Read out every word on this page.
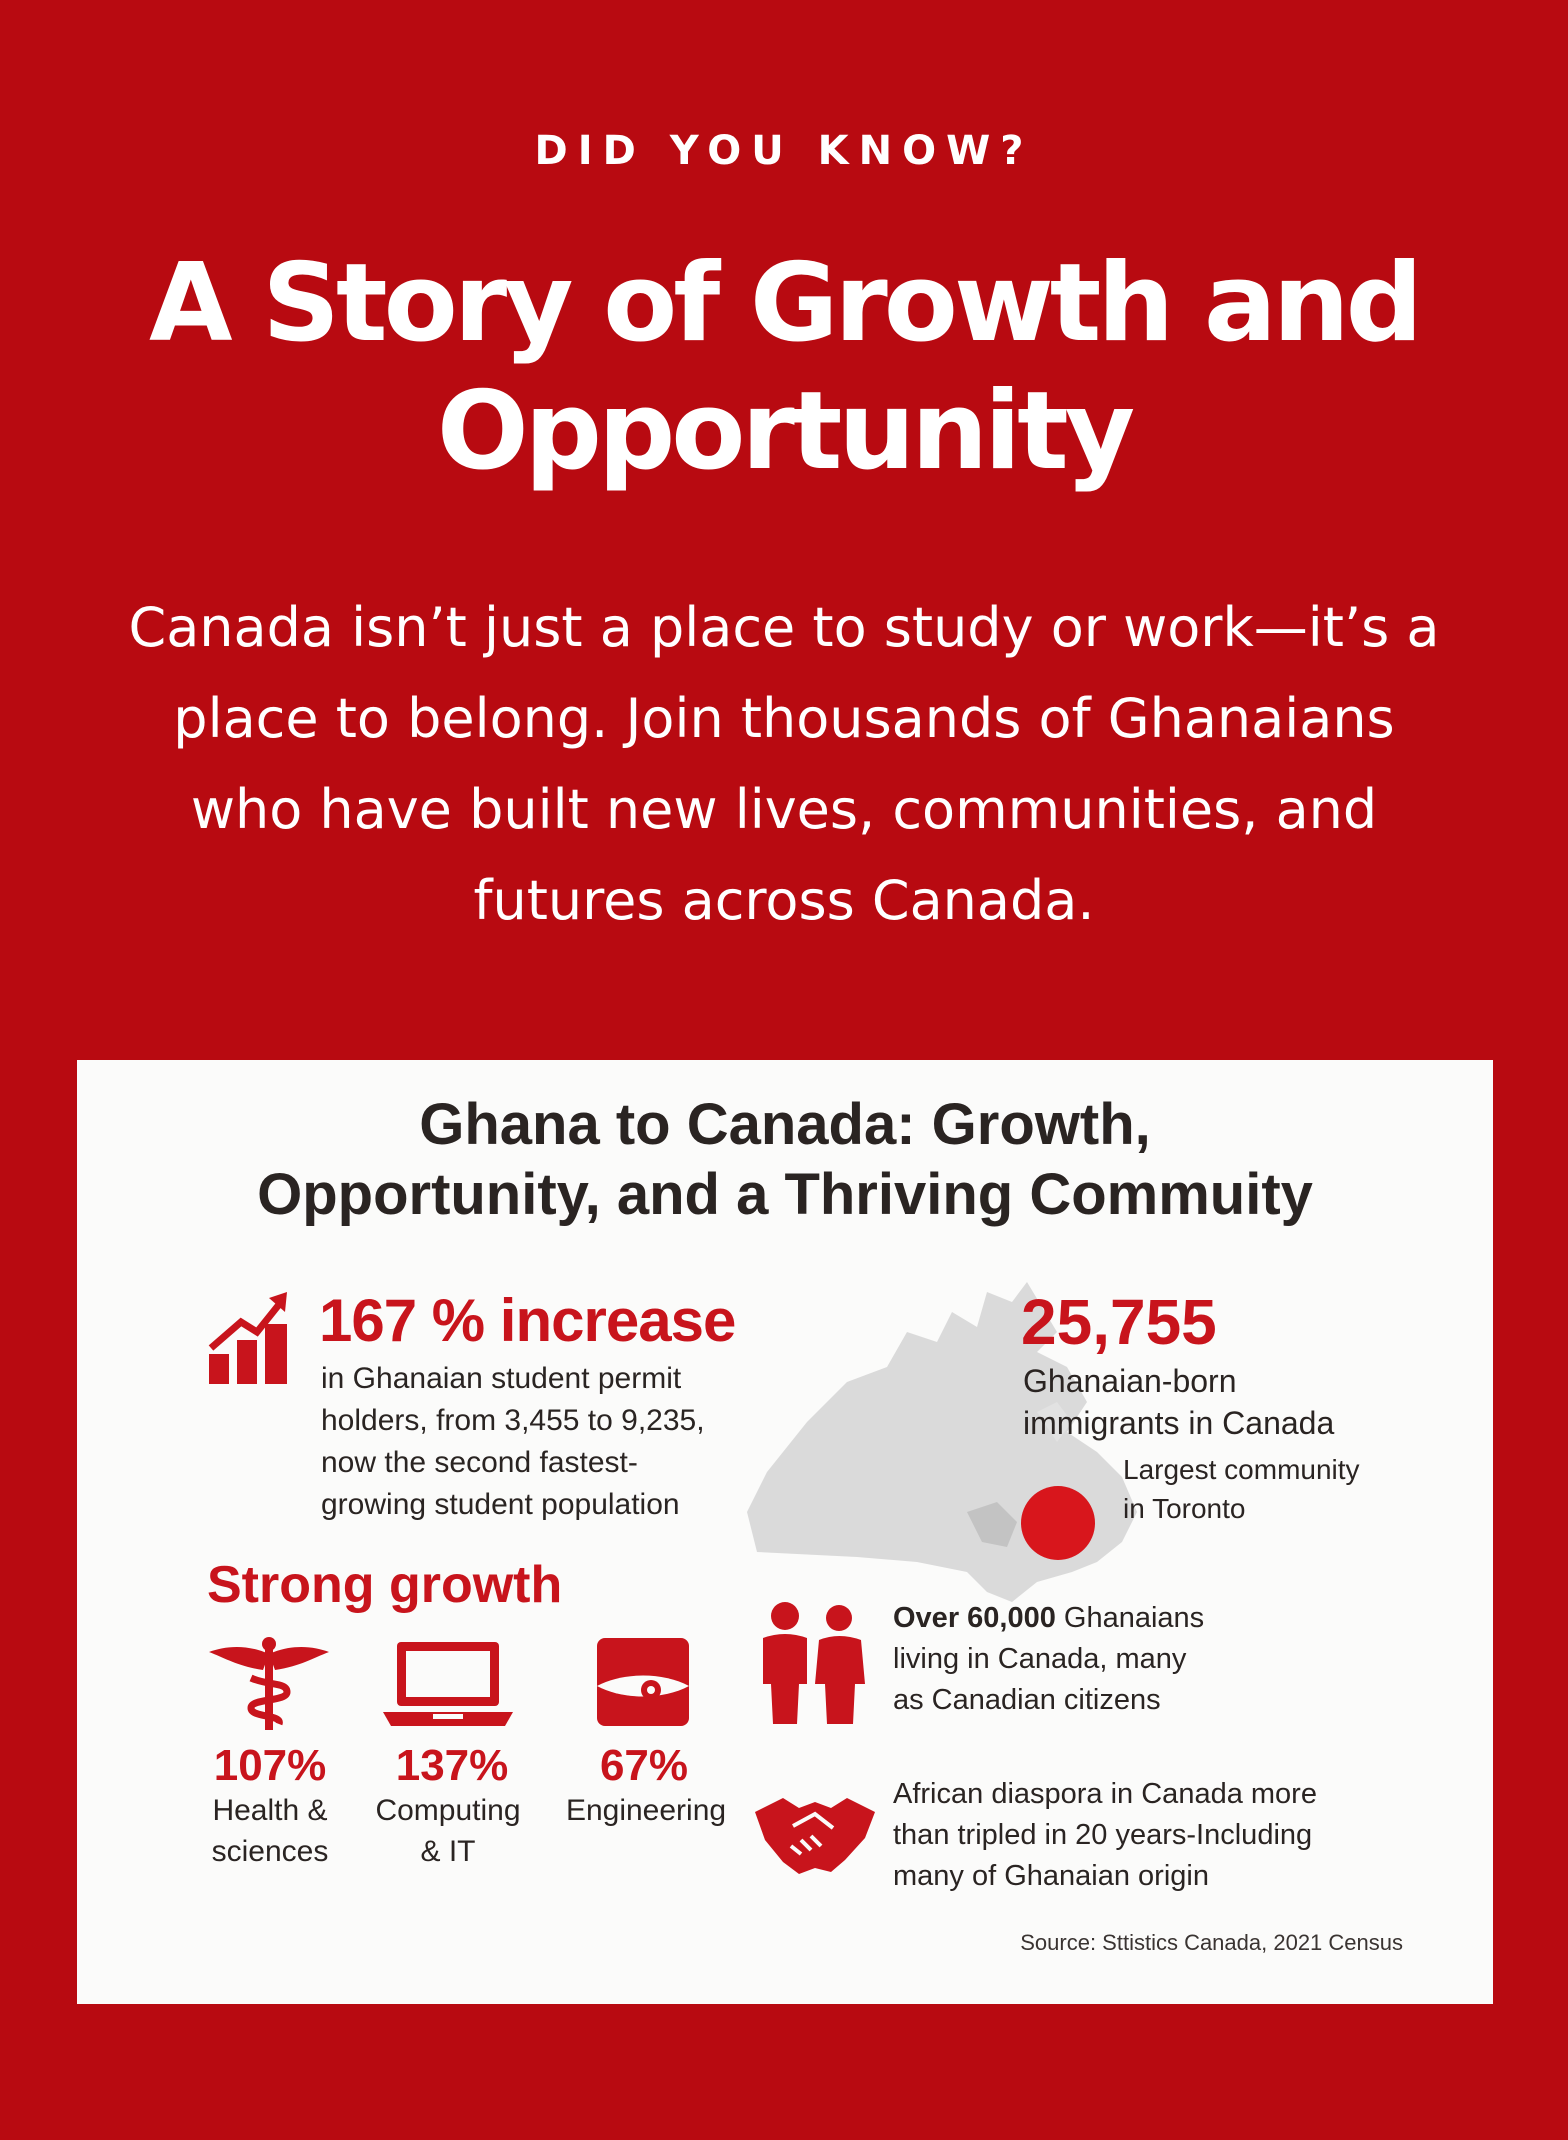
DID YOU KNOW?
A Story of Growth and
Opportunity

Canada isn’t just a place to study or work—it’s a
place to belong. Join thousands of Ghanaians
who have built new lives, communities, and
futures across Canada.

Ghana to Canada: Growth,
Opportunity, and a Thriving Commuity
167 % increase
in Ghanaian student permit
holders, from 3,455 to 9,235,
now the second fastest-
growing student population
25,755
Ghanaian-born
immigrants in Canada
Largest community
in Toronto
Strong growth
107%
Health &
sciences
137%
Computing
& IT
67%
Engineering
Over 60,000 Ghanaians
living in Canada, many
as Canadian citizens
African diaspora in Canada more
than tripled in 20 years-Including
many of Ghanaian origin
Source: Sttistics Canada, 2021 Census
